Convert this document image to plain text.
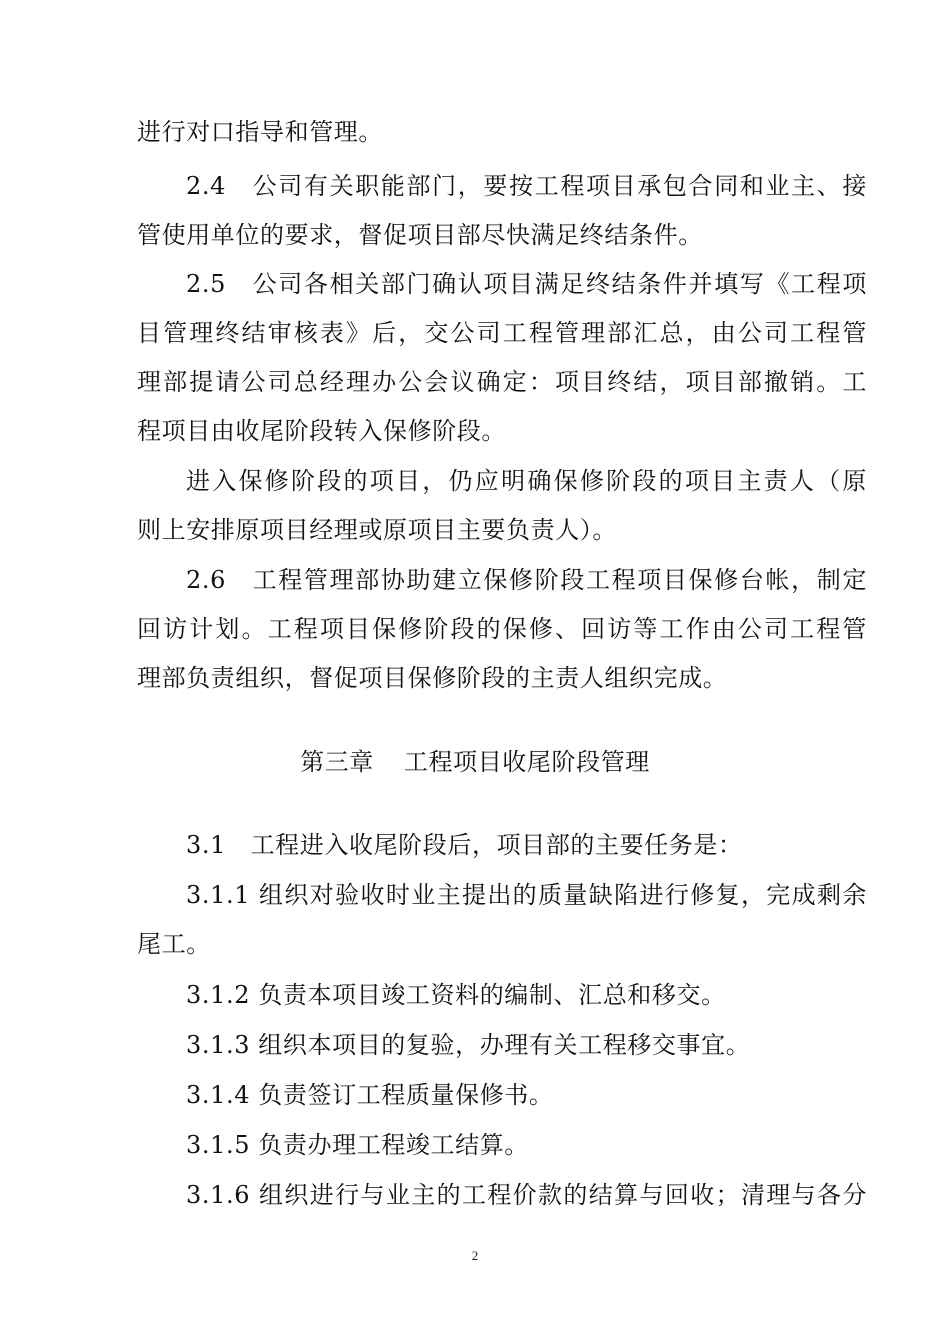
进行对口指导和管理。
2.4　公司有关职能部门，要按工程项目承包合同和业主、接
管使用单位的要求，督促项目部尽快满足终结条件。
2.5　公司各相关部门确认项目满足终结条件并填写《工程项
目管理终结审核表》后，交公司工程管理部汇总，由公司工程管
理部提请公司总经理办公会议确定：项目终结，项目部撤销。工
程项目由收尾阶段转入保修阶段。
进入保修阶段的项目，仍应明确保修阶段的项目主责人（原
则上安排原项目经理或原项目主要负责人）。
2.6　工程管理部协助建立保修阶段工程项目保修台帐，制定
回访计划。工程项目保修阶段的保修、回访等工作由公司工程管
理部负责组织，督促项目保修阶段的主责人组织完成。
第三章 工程项目收尾阶段管理
3.1　工程进入收尾阶段后，项目部的主要任务是：
3.1.1 组织对验收时业主提出的质量缺陷进行修复，完成剩余
尾工。
3.1.2 负责本项目竣工资料的编制、汇总和移交。
3.1.3 组织本项目的复验，办理有关工程移交事宜。
3.1.4 负责签订工程质量保修书。
3.1.5 负责办理工程竣工结算。
3.1.6 组织进行与业主的工程价款的结算与回收；清理与各分
2
